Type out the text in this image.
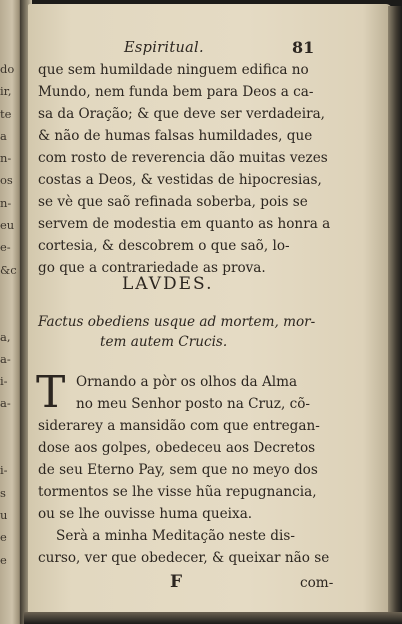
do
ir,
te
a
n-
os
n-
eu
e-
&c
a,
a-
i-
a-
i-
s
u
e
e
Espiritual.	81
que sem humildade ninguem edifica no
Mundo, nem funda bem para Deos a ca-
sa da Oração; & que deve ser verdadeira,
& não de humas falsas humildades, que
com rosto de reverencia dão muitas vezes
costas a Deos, & vestidas de hipocresias,
se vè que saõ refinada soberba, pois se
servem de modestia em quanto as honra a
cortesia, & descobrem o que saõ, lo-
go que a contrariedade as prova.
LAVDES.
Factus obediens usque ad mortem, mor-
tem autem Crucis.
T Ornando a pòr os olhos da Alma
no meu Senhor posto na Cruz, cõ-
siderarey a mansidão com que entregan-
dose aos golpes, obedeceu aos Decretos
de seu Eterno Pay, sem que no meyo dos
tormentos se lhe visse hũa repugnancia,
ou se lhe ouvisse huma queixa.
Serà a minha Meditação neste dis-
curso, ver que obedecer, & queixar não se
F	com-
